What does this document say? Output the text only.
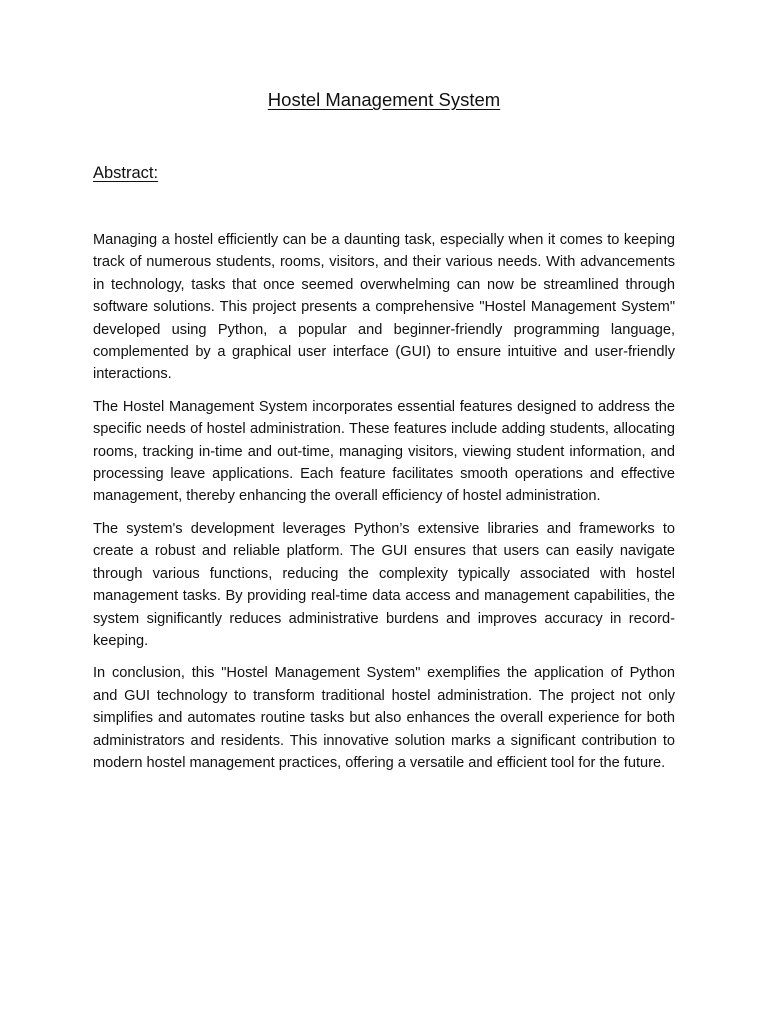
Hostel Management System
Abstract:

Managing a hostel efficiently can be a daunting task, especially when it comes to keeping track of numerous students, rooms, visitors, and their various needs. With advancements in technology, tasks that once seemed overwhelming can now be streamlined through software solutions. This project presents a comprehensive "Hostel Management System" developed using Python, a popular and beginner-friendly programming language, complemented by a graphical user interface (GUI) to ensure intuitive and user-friendly interactions.

The Hostel Management System incorporates essential features designed to address the specific needs of hostel administration. These features include adding students, allocating rooms, tracking in-time and out-time, managing visitors, viewing student information, and processing leave applications. Each feature facilitates smooth operations and effective management, thereby enhancing the overall efficiency of hostel administration.

The system's development leverages Python’s extensive libraries and frameworks to create a robust and reliable platform. The GUI ensures that users can easily navigate through various functions, reducing the complexity typically associated with hostel management tasks. By providing real-time data access and management capabilities, the system significantly reduces administrative burdens and improves accuracy in record-keeping.

In conclusion, this "Hostel Management System" exemplifies the application of Python and GUI technology to transform traditional hostel administration. The project not only simplifies and automates routine tasks but also enhances the overall experience for both administrators and residents. This innovative solution marks a significant contribution to modern hostel management practices, offering a versatile and efficient tool for the future.
